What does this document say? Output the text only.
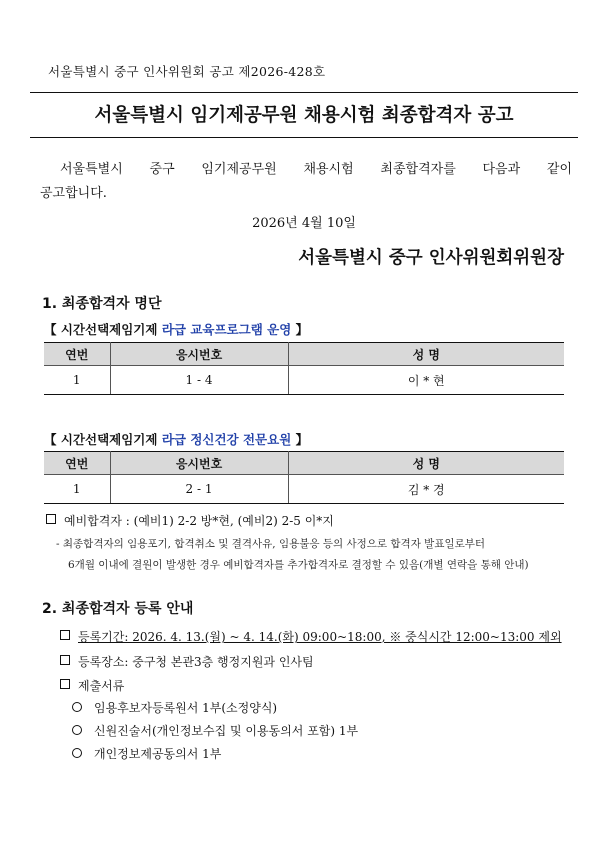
서울특별시 중구 인사위원회 공고 제2026-428호
서울특별시 임기제공무원 채용시험 최종합격자 공고
서울특별시 중구 임기제공무원 채용시험 최종합격자를 다음과 같이
공고합니다.
2026년 4월 10일
서울특별시 중구 인사위원회위원장
1. 최종합격자 명단
【 시간선택제임기제 라급 교육프로그램 운영 】
연번	응시번호	성 명
1	1 - 4	이 * 현
【 시간선택제임기제 라급 정신건강 전문요원 】
연번	응시번호	성 명
1	2 - 1	김 * 경
예비합격자 : (예비1) 2-2 방*현, (예비2) 2-5 이*지
- 최종합격자의 임용포기, 합격취소 및 결격사유, 임용불응 등의 사정으로 합격자 발표일로부터
6개월 이내에 결원이 발생한 경우 예비합격자를 추가합격자로 결정할 수 있음(개별 연락을 통해 안내)
2. 최종합격자 등록 안내
등록기간: 2026. 4. 13.(월) ~ 4. 14.(화) 09:00~18:00, ※ 중식시간 12:00~13:00 제외
등록장소: 중구청 본관3층 행정지원과 인사팀
제출서류
임용후보자등록원서 1부(소정양식)
신원진술서(개인정보수집 및 이용동의서 포함) 1부
개인정보제공동의서 1부
